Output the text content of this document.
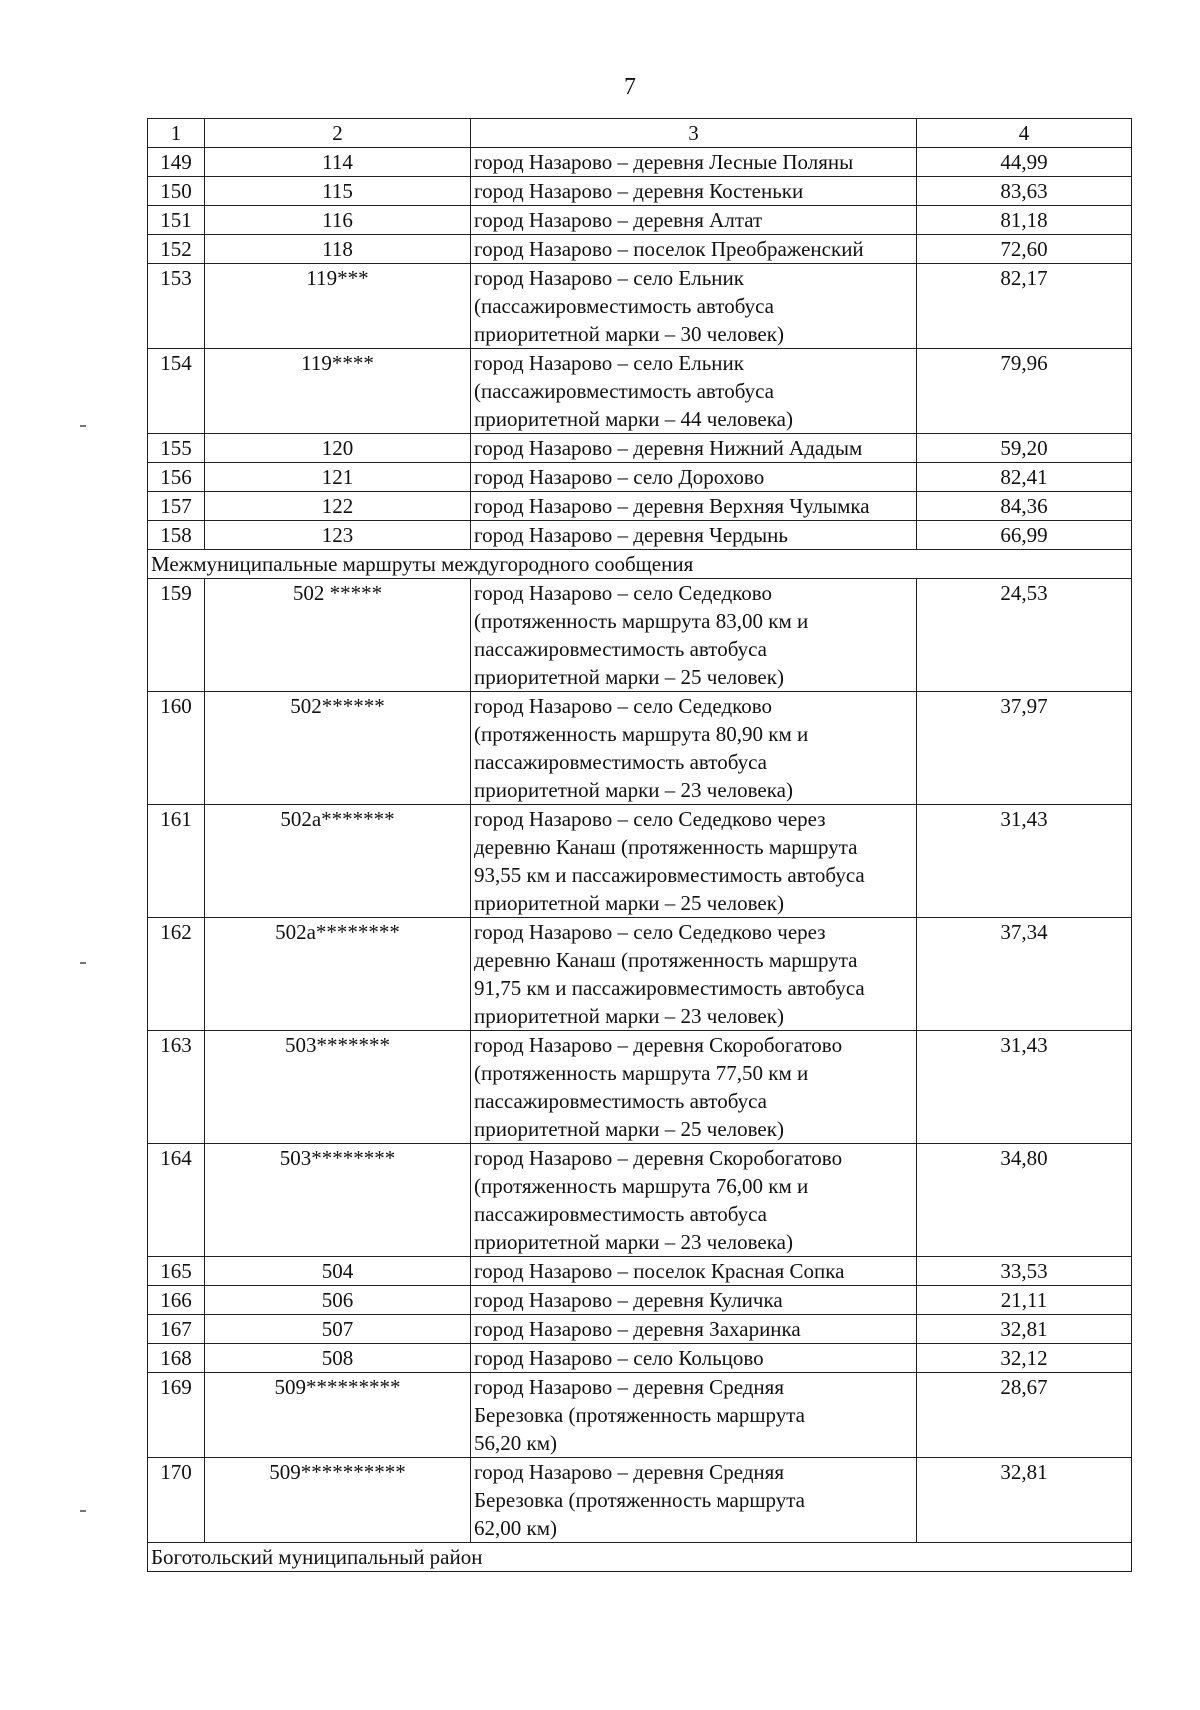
7
1	2	3	4
149	114	город Назарово – деревня Лесные Поляны	44,99
150	115	город Назарово – деревня Костеньки	83,63
151	116	город Назарово – деревня Алтат	81,18
152	118	город Назарово – поселок Преображенский	72,60
153	119***	город Назарово – село Ельник
(пассажировместимость автобуса
приоритетной марки – 30 человек)	82,17
154	119****	город Назарово – село Ельник
(пассажировместимость автобуса
приоритетной марки – 44 человека)	79,96
155	120	город Назарово – деревня Нижний Ададым	59,20
156	121	город Назарово – село Дорохово	82,41
157	122	город Назарово – деревня Верхняя Чулымка	84,36
158	123	город Назарово – деревня Чердынь	66,99
Межмуниципальные маршруты междугородного сообщения			
159	502 *****	город Назарово – село Седедково
(протяженность маршрута 83,00 км и
пассажировместимость автобуса
приоритетной марки – 25 человек)	24,53
160	502******	город Назарово – село Седедково
(протяженность маршрута 80,90 км и
пассажировместимость автобуса
приоритетной марки – 23 человека)	37,97
161	502а*******	город Назарово – село Седедково через
деревню Канаш (протяженность маршрута
93,55 км и пассажировместимость автобуса
приоритетной марки – 25 человек)	31,43
162	502а********	город Назарово – село Седедково через
деревню Канаш (протяженность маршрута
91,75 км и пассажировместимость автобуса
приоритетной марки – 23 человек)	37,34
163	503*******	город Назарово – деревня Скоробогатово
(протяженность маршрута 77,50 км и
пассажировместимость автобуса
приоритетной марки – 25 человек)	31,43
164	503********	город Назарово – деревня Скоробогатово
(протяженность маршрута 76,00 км и
пассажировместимость автобуса
приоритетной марки – 23 человека)	34,80
165	504	город Назарово – поселок Красная Сопка	33,53
166	506	город Назарово – деревня Куличка	21,11
167	507	город Назарово – деревня Захаринка	32,81
168	508	город Назарово – село Кольцово	32,12
169	509*********	город Назарово – деревня Средняя
Березовка (протяженность маршрута
56,20 км)	28,67
170	509**********	город Назарово – деревня Средняя
Березовка (протяженность маршрута
62,00 км)	32,81
Боготольский муниципальный район			
